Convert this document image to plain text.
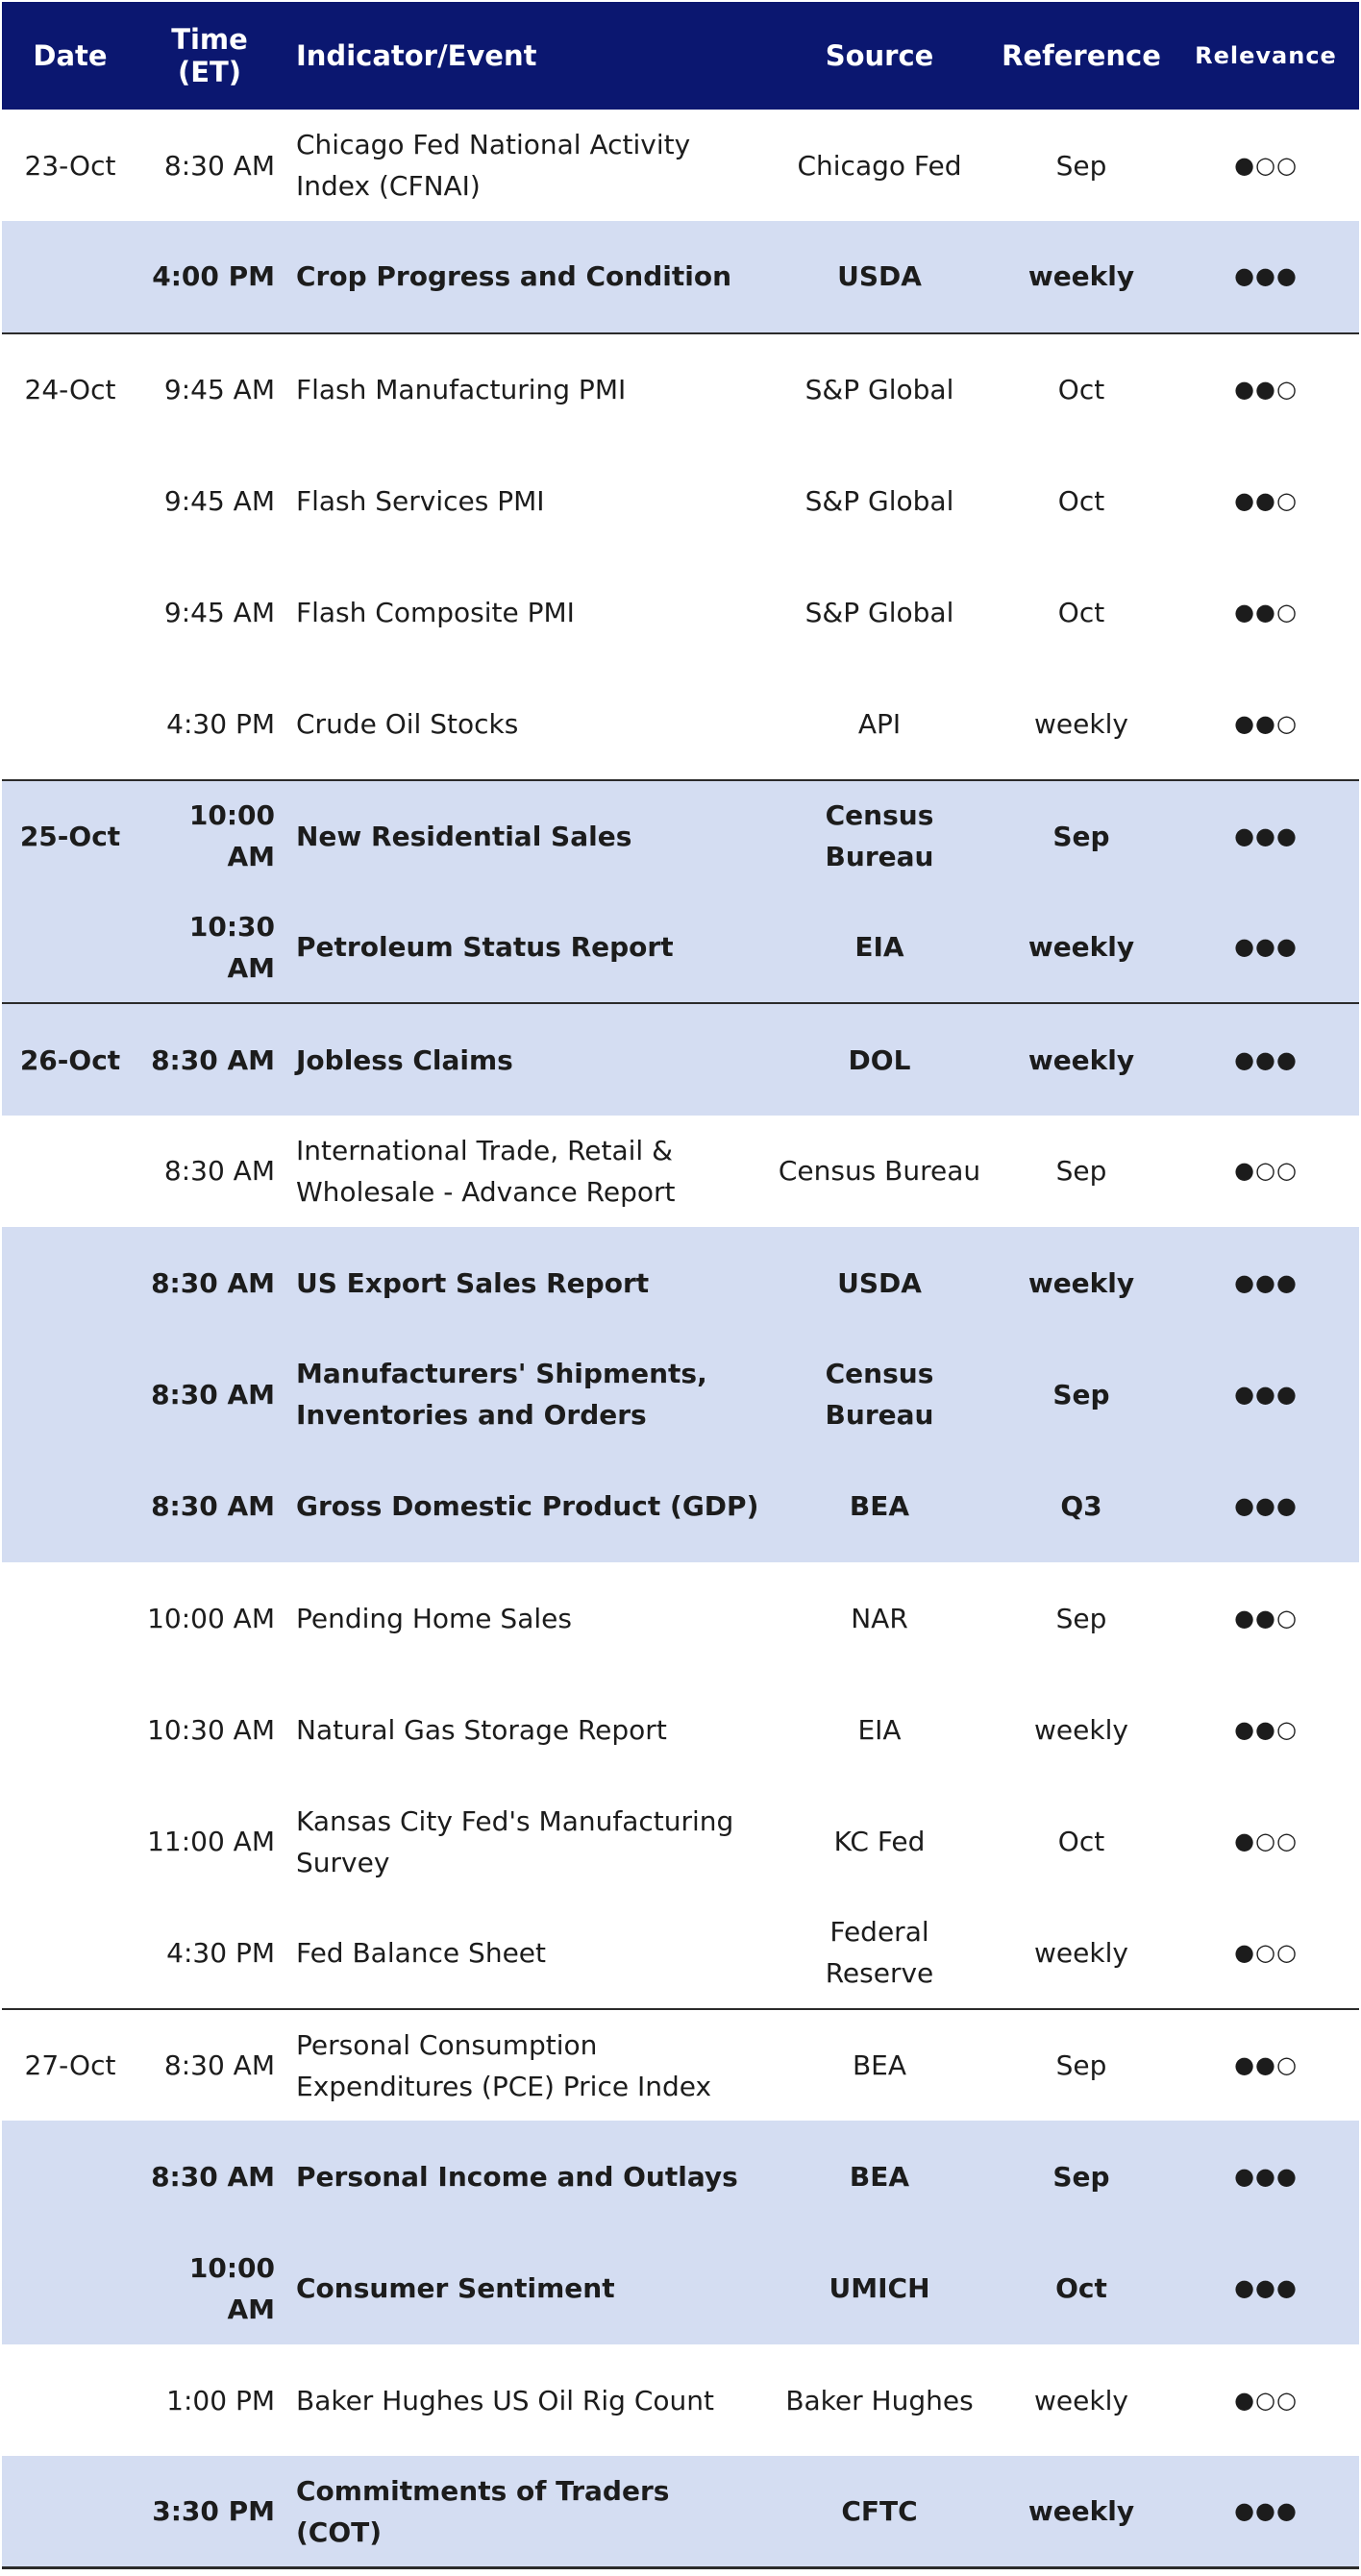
Date	Time (ET)	Indicator/Event	Source	Reference	Relevance
23-Oct	8:30 AM	Chicago Fed National Activity Index (CFNAI)	Chicago Fed	Sep	●○○
	4:00 PM	Crop Progress and Condition	USDA	weekly	●●●
24-Oct	9:45 AM	Flash Manufacturing PMI	S&P Global	Oct	●●○
	9:45 AM	Flash Services PMI	S&P Global	Oct	●●○
	9:45 AM	Flash Composite PMI	S&P Global	Oct	●●○
	4:30 PM	Crude Oil Stocks	API	weekly	●●○
25-Oct	10:00 AM	New Residential Sales	Census Bureau	Sep	●●●
	10:30 AM	Petroleum Status Report	EIA	weekly	●●●
26-Oct	8:30 AM	Jobless Claims	DOL	weekly	●●●
	8:30 AM	International Trade, Retail & Wholesale - Advance Report	Census Bureau	Sep	●○○
	8:30 AM	US Export Sales Report	USDA	weekly	●●●
	8:30 AM	Manufacturers' Shipments, Inventories and Orders	Census Bureau	Sep	●●●
	8:30 AM	Gross Domestic Product (GDP)	BEA	Q3	●●●
	10:00 AM	Pending Home Sales	NAR	Sep	●●○
	10:30 AM	Natural Gas Storage Report	EIA	weekly	●●○
	11:00 AM	Kansas City Fed's Manufacturing Survey	KC Fed	Oct	●○○
	4:30 PM	Fed Balance Sheet	Federal Reserve	weekly	●○○
27-Oct	8:30 AM	Personal Consumption Expenditures (PCE) Price Index	BEA	Sep	●●○
	8:30 AM	Personal Income and Outlays	BEA	Sep	●●●
	10:00 AM	Consumer Sentiment	UMICH	Oct	●●●
	1:00 PM	Baker Hughes US Oil Rig Count	Baker Hughes	weekly	●○○
	3:30 PM	Commitments of Traders (COT)	CFTC	weekly	●●●
